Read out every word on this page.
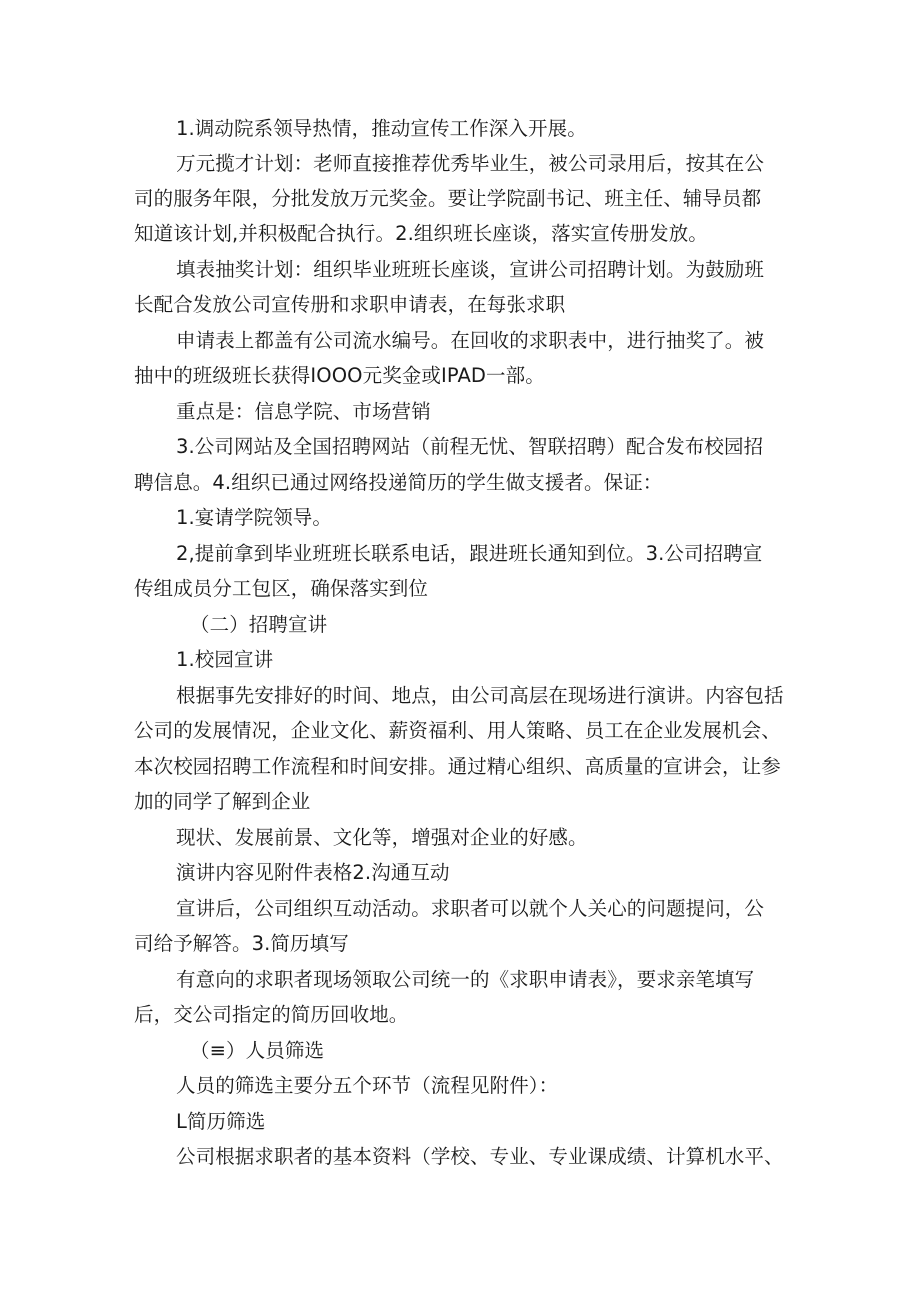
1.调动院系领导热情，推动宣传工作深入开展。
万元揽才计划：老师直接推荐优秀毕业生，被公司录用后，按其在公
司的服务年限，分批发放万元奖金。要让学院副书记、班主任、辅导员都
知道该计划,并积极配合执行。2.组织班长座谈，落实宣传册发放。
填表抽奖计划：组织毕业班班长座谈，宣讲公司招聘计划。为鼓励班
长配合发放公司宣传册和求职申请表，在每张求职
申请表上都盖有公司流水编号。在回收的求职表中，进行抽奖了。被
抽中的班级班长获得IOOO元奖金或IPAD一部。
重点是：信息学院、市场营销
3.公司网站及全国招聘网站（前程无忧、智联招聘）配合发布校园招
聘信息。4.组织已通过网络投递简历的学生做支援者。保证：
1.宴请学院领导。
2,提前拿到毕业班班长联系电话，跟进班长通知到位。3.公司招聘宣
传组成员分工包区，确保落实到位
（二）招聘宣讲
1.校园宣讲
根据事先安排好的时间、地点，由公司高层在现场进行演讲。内容包括
公司的发展情况，企业文化、薪资福利、用人策略、员工在企业发展机会、
本次校园招聘工作流程和时间安排。通过精心组织、高质量的宣讲会，让参
加的同学了解到企业
现状、发展前景、文化等，增强对企业的好感。
演讲内容见附件表格2.沟通互动
宣讲后，公司组织互动活动。求职者可以就个人关心的问题提问，公
司给予解答。3.简历填写
有意向的求职者现场领取公司统一的《求职申请表》，要求亲笔填写
后，交公司指定的简历回收地。
（≡）人员筛选
人员的筛选主要分五个环节（流程见附件）：
L简历筛选
公司根据求职者的基本资料（学校、专业、专业课成绩、计算机水平、
